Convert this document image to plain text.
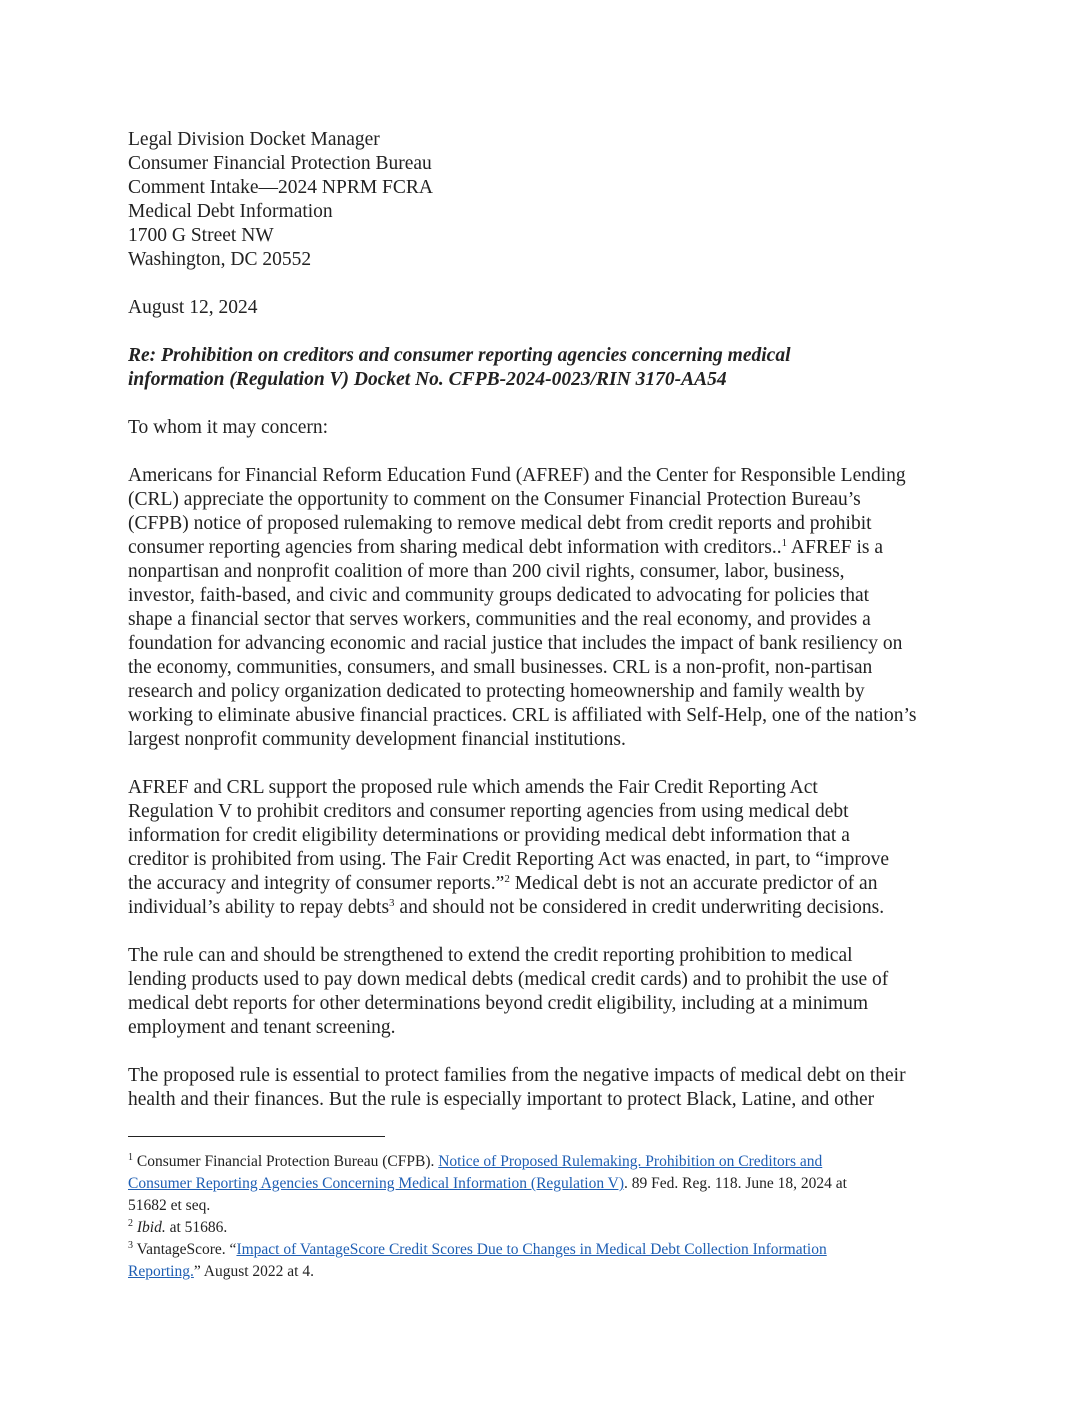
Legal Division Docket Manager
Consumer Financial Protection Bureau
Comment Intake—2024 NPRM FCRA
Medical Debt Information
1700 G Street NW
Washington, DC 20552
August 12, 2024
Re: Prohibition on creditors and consumer reporting agencies concerning medical
information (Regulation V) Docket No. CFPB-2024-0023/RIN 3170-AA54
To whom it may concern:
Americans for Financial Reform Education Fund (AFREF) and the Center for Responsible Lending
(CRL) appreciate the opportunity to comment on the Consumer Financial Protection Bureau’s
(CFPB) notice of proposed rulemaking to remove medical debt from credit reports and prohibit
consumer reporting agencies from sharing medical debt information with creditors..$^1$ AFREF is a
nonpartisan and nonprofit coalition of more than 200 civil rights, consumer, labor, business,
investor, faith-based, and civic and community groups dedicated to advocating for policies that
shape a financial sector that serves workers, communities and the real economy, and provides a
foundation for advancing economic and racial justice that includes the impact of bank resiliency on
the economy, communities, consumers, and small businesses. CRL is a non-profit, non-partisan
research and policy organization dedicated to protecting homeownership and family wealth by
working to eliminate abusive financial practices. CRL is affiliated with Self-Help, one of the nation’s
largest nonprofit community development financial institutions.
AFREF and CRL support the proposed rule which amends the Fair Credit Reporting Act
Regulation V to prohibit creditors and consumer reporting agencies from using medical debt
information for credit eligibility determinations or providing medical debt information that a
creditor is prohibited from using. The Fair Credit Reporting Act was enacted, in part, to “improve
the accuracy and integrity of consumer reports.”$^2$ Medical debt is not an accurate predictor of an
individual’s ability to repay debts$^3$ and should not be considered in credit underwriting decisions.
The rule can and should be strengthened to extend the credit reporting prohibition to medical
lending products used to pay down medical debts (medical credit cards) and to prohibit the use of
medical debt reports for other determinations beyond credit eligibility, including at a minimum
employment and tenant screening.
The proposed rule is essential to protect families from the negative impacts of medical debt on their
health and their finances. But the rule is especially important to protect Black, Latine, and other
$^1$ Consumer Financial Protection Bureau (CFPB). Notice of Proposed Rulemaking. Prohibition on Creditors and
Consumer Reporting Agencies Concerning Medical Information (Regulation V). 89 Fed. Reg. 118. June 18, 2024 at
51682 et seq.
$^2$ Ibid. at 51686.
$^3$ VantageScore. “Impact of VantageScore Credit Scores Due to Changes in Medical Debt Collection Information
Reporting.” August 2022 at 4.
